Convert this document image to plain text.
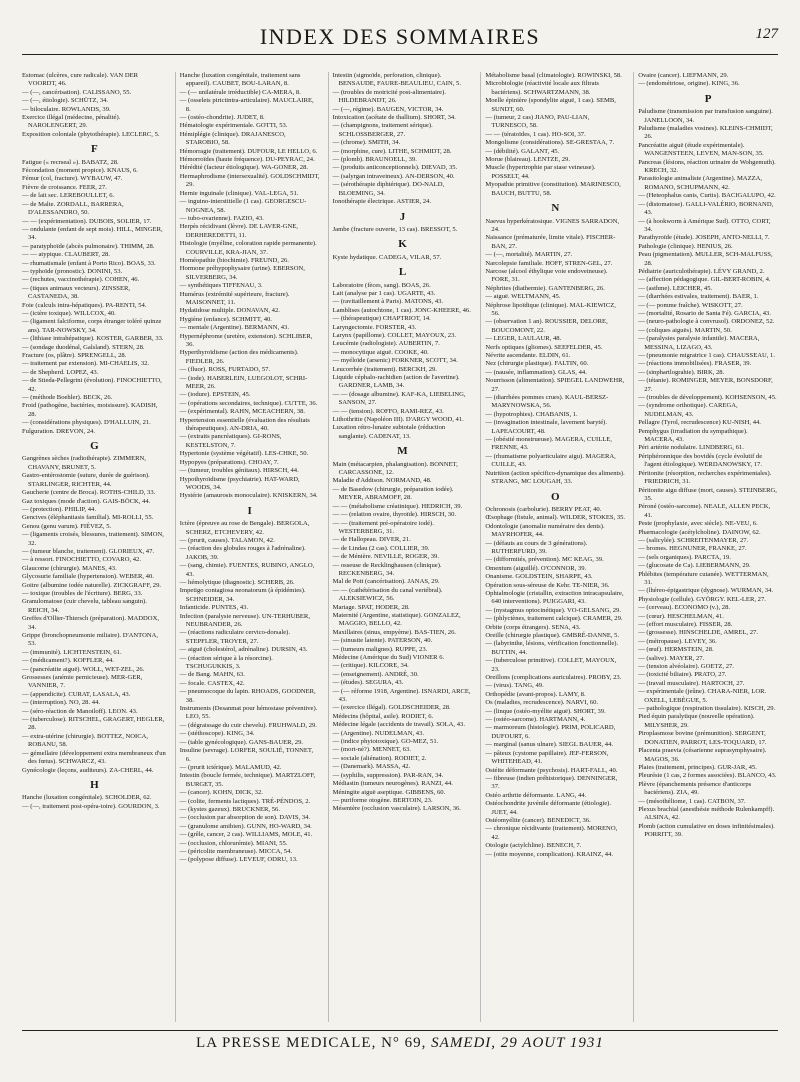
INDEX DES SOMMAIRES	127

Estomac (ulcères, cure radicale). VAN DER VOORDT, 46.

— (—, cancérisation). CALISSANO, 55.

— (—, étiologie). SCHÜTZ, 34.

— biloculaire. ROWLANDS, 39.

Exercice illégal (médecine, pénalité). NAROLENGERT, 29.

Exposition coloniale (phytothérapie). LECLERC, 5.

F

Fatigue (« recrseal »). BABATZ, 28.

Fécondation (moment propice). KNAUS, 6.

Fémur (col, fracture). WYBAUW, 47.

Fièvre de croissance. FEER, 27.

— de lait sec. LEREBOULLET, 6.

— de Malte. ZORDALL, BARRERA, D'ALESSANDRO, 50.

— — (expérimentation). DUBOIS, SOLIER, 17.

— ondulante (enfant de sept mois). HILL, MINGER, 34.

— paratyphoïde (abcès pulmonaire). THIMM, 28.

— — atypique. CLAUBERT, 28.

— rhumatismale (enfant à Porto Rico). BOAS, 33.

— typhoïde (pronostic). DONINI, 53.

— (rechutes, vaccinothérapie). COHEN, 46.

— (tiques animaux vecteurs). ZINSSER, CASTANEDA, 38.

Foie (calculs intra-hépatiques). PA-RENTI, 54.

— (ictère toxique). WILLCOX, 40.

— (ligament falciforme, corps étranger toléré quinze ans). TAR-NOWSKY, 34.

— (lithiase intrahépatique). KOSTER, GARBER, 33.

— (sondage duodénal, Galsland). STERN, 28.

Fracture (os, plâtre). SPRENGELL, 28.

— traitement par extension). MI-CHAELIS, 32.

— de Shepherd. LOPEZ, 43.

— de Stieda-Pellegrini (évolution). FINOCHIETTO, 42.

— (méthode Boehler). BECK, 26.

Froid (pathogène, bactéries, moisissure). KADISH, 28.

— (considérations physiques). D'HALLUIN, 21.

Fulguration. DREVON, 24.

G

Gangrènes sèches (radiothérapie). ZIMMERN, CHAVANY, BRUNET, 5.

Gastro-entérostomie (suture, durée de guérison). STARLINGER, RICHTER, 44.

Gaucherie (centre de Broca). ROTHS-CHILD, 33.

Gaz toxiques (mode d'action). GAIS-BÖCK, 44.

— (protection). PHILIP, 44.

Gencives (éléphantiasis familial). MI-ROLLI, 55.

Genou (genu varum). FIÉVEZ, 5.

— (ligaments croisés, blessures, traitement). SIMON, 32.

— (tumeur blanche, traitement). GLORIEUX, 47.

— à ressort. FINOCHIETTO, COVARO, 42.

Glaucome (chirurgie). MANES, 43.

Glycosurie familiale (hypertension). WEBER, 40.

Goitre (albumine iodée naturelle). ZICKGRAFF, 29.

— toxique (troubles de l'écriture). BERG, 33.

Granulomatose (cuir chevelu, tableau sanguin). REICH, 34.

Greffes d'Ollier-Thiersch (préparation). MADDOX, 34.

Grippe (bronchopneumonie miliaire). D'ANTONA, 53.

— (immunité). LICHTENSTEIN, 61.

— (médicament?). KOFFLER, 44.

— (pancréatite aiguë). WOLL, WET-ZEL, 26.

Grossesses (anémie pernicieuse). MER-GER, VANNIER, 7.

— (appendicite). CURAT, LASALA, 43.

— (interruption). NO, 28. 44.

— (séro-réaction de Manoiloff). LEON. 43.

— (tuberculose). RITSCHEL, GRAGERT, HEGLER, 28.

— extra-utérine (chirurgie). BOTTEZ, NOICA, ROBANU, 58.

— gémellaire (développement extra membraneux d'un des fœtus). SCHWARCZ, 43.

Gynécologie (leçons, auditeurs). ZA-CHERL, 44.

H

Hanche (luxation congénitale). SCHOLDER, 62.

— (—, traitement post-opéra-toire). GOURDON, 3.

Hanche (luxation congénitale, traitement sans appareil). CAUBET, BOU-LARAN, 8.

— (— unilatérale irréductible) CA-MERA, 8.

— (osselets pirictintra-articulaire). MAUCLAIRE, 8.

— (ostéo-chondrite). JUDET, 8.

Hématologie expérimentale. GOTTI, 53.

Hémiplégie (clinique). DRAJANESCO, STAROBIO, 58.

Hémorragie (traitement). DUFOUR, LE HELLO, 6.

Hémorroïdes (haute fréquence). DU-PEYRAC, 24.

Hérédité (facteur étiologique). WA-GONER, 28.

Hermaphrodisme (intersexualité). GOLDSCHMIDT, 29.

Hernie inguinale (clinique). VAL-LEGA, 51.

— inguino-interstitielle (1 cas). GEORGESCU-NOGNEA, 58.

— tubo-ovarienne). FAZIO, 43.

Herpès récidivant (lèvre). DE LAVER-GNE, DERHEREDETTI, 11.

Histologie (myéline, coloration rapide permanente). COURVILLE, KRA-JIAN, 37.

Homéopathie (biochimie). FREUND, 26.

Hormone préhypophysaire (urine). EBERSON, SILVERBERG, 34.

— synthétiques TIFFENAU, 3.

Humérus (extrémité supérieure, fracture). MAISONNET, 11.

Hydatidose multiple. DONAVAN, 42.

Hygiène (enfance). SCHMITT, 40.

— mentale (Argentine). BERMANN, 43.

Hypernéphrome (uretère, extension). SCHLIBER, 36.

Hyperthyroïdisme (action des médicaments). FIEDLER, 26.

— (fluor). ROSS, FURTADO, 57.

— (iode). HABERLEIN, LUEGOLOT, SCHRI-MEER, 26.

— (iodure). EPSTEIN, 45.

— (opérations secondaires, technique). CUTTE, 36.

— (expérimental). RAHN, MCEACHERN, 38.

Hypertension essentielle (évaluation des résultats thérapeutiques). AN-DRIA, 40.

— (extraits pancréatiques). GI-RONS, KESTELSTON, 7.

Hypertonie (système végétatif). LES-CHKE, 50.

Hypopyes (préparations). CHOAY, 7.

— (tumeur, troubles génitaux). HIRSCH, 44.

Hypothyroïdisme (psychiatrie). HAT-WARD, WOODS, 34.

Hystérie (amaurosis monoculaire). KNISKERN, 34.

I

Ictère (épreuve au rose de Bengale). BERGOLA, SCHERZ, ETCHEVERY, 42.

— (prurit, causes). TALAMON, 42.

— (réaction des globules rouges à l'adrénaline). JAKOB, 39.

— (sang, chimie). FUENTES, RUBINO, ANGLO, 43.

— hémolytique (diagnostic). SCHERB, 26.

Impetigo contagiosa neonatorum (à épidémies). SCHNEIDER, 34.

Infanticide. PUNTES, 43.

Infection (paralysie nerveuse). UN-TERHUBER, NEUBRANDER, 26.

— (réactions radiculaire cervico-dorsale). STEPFLER, TROYER, 27.

— aiguë (cholestérol, adrénaline). DURSIN, 43.

— (réaction sérique à la résorcine). TSCHUGUKKIS, 3.

— de Bang. MAHN, 63.

— focale. CASTEX, 42.

— pneumocoque du lapin. RHOADS, GOODNER, 38.

Instruments (Desanmat pour hémostase préventive). LEO, 55.

— (dégraissage du cuir chevelu). FRUHWALD, 29.

— (stéthoscope). KING, 34.

— (table gynécologique). GANS-BAUER, 29.

Insuline (sevrage). LORFER, SOULIÉ, TONNET, 6.

— (prurit ictérique). MALAMUD, 42.

Intestin (boucle fermée, technique). MARTZLOFF, BURGET, 35.

— (cancer). KOHN, DICK, 32.

— (colite, ferments lactiques). TRÉ-PÉNDOS, 2.

— (kystes gazeux). BRUCKNER, 56.

— (occlusion par absorption de son). DAVIS, 34.

— (granulome amibien). GUNN, HO-WARD, 34.

— (grêle, cancer, 2 cas). WILLIAMS, MOLE, 41.

— (occlusion, chlorurémie). MIANI, 55.

— (péricolite membraneuse). MICCA, 54.

— (polypose diffuse). LEVEUF, ODRU, 13.

Intestin (sigmoïde, perforation, clinique). BENSAUDE, FAURE-BEAULIEU, CAIN, 5.

— (troubles de motricité post-alimentaire). HILDEBRANDT, 26.

— (—, régime). BAUGEN, VICTOR, 34.

Intoxication (acétate de thallium). SHORT, 34.

— (champignons, traitement sérique). SCHLOSSBERGER, 27.

— (chrome). SMITH, 34.

— (morphine, cure). LITHE, SCHMIDT, 28.

— (plomb). BRAUNOELL, 39.

— (produits anticonceptionnels). DIEVAD, 35.

— (salyrgan intraveineux). AN-DERSON, 40.

— (sérothérapie diphtérique). DO-NALD, BLOEMING, 34.

Ionothérapie électrique. ASTIER, 24.

J

Jambe (fracture ouverte, 13 cas). BRESSOT, 5.

K

Kyste hydatique. CADEGA, VILAR, 57.

L

Laboratoire (fèces, sang). BOAS, 26.

Lait (analyse par 1 cas). UGARTE, 43.

— (ravitaillement à Paris). MATONS, 43.

Lamblises (autochtone, 1 cas). JONC-KHEERE, 46.

— (thérapeutique) CHAPTRIOT, 14.

Laryngectomie. FORSTER, 43.

Larynx (papillome). COLLET, MAYOUX, 23.

Leucémie (radiologiste). AUBERTIN, 7.

— monocytique aiguë. COOKE, 40.

— myéloïde (arsenic) FORKNER, SCOTT, 34.

Leucorrhée (traitement). BERCKH, 29.

Liquide céphalo-rachidien (action de l'avertine). GARDNER, LAMB, 34.

— — (dosage albumine). KAF-KA, LIEBELING, SANSON, 27.

— — (tension). ROFFO, RAMI-REZ, 43.

Lithothritie (Napoléon III). D'ARGY WOOD, 41.

Luxation rétro-lunaire subtotale (réduction sanglante). CADENAT, 13.

M

Main (métacarpien, phalangisation). BONNET, CARCASSONE, 12.

Maladie d'Addison. NORMAND, 48.

— de Basedow (chirurgie, préparation iodée). MEYER, ABRAMOFF, 28.

— — (métabolisme créatinique). HEDRICH, 39.

— — (relation ovaire, thyroïde). HIRSCH, 30.

— — (traitement pré-opératoire iodé). WESTERBERG, 31.

— de Hallopeau. DIVER, 21.

— de Lindau (2 cas). COLLIER, 39.

— de Ménière. NEVILLE, ROGER, 39.

— osseuse de Recklinghausen (clinique). RECKENBERG, 34.

Mal de Pott (cancérisation). JANAS, 29.

— — (cathétérisation du canal vertébral). ALEKSIEWICZ, 56.

Mariage. SPAT, HODER, 28.

Maternité (Argentine, statistique). GONZALEZ, MAGGIO, BELLO, 42.

Maxillaires (sinus, empyème). BAS-TIEN, 26.

— (sinusite latente). PATERSON, 40.

— (tumeurs malignes). RUPPE, 23.

Médecine (Amérique du Sud) VIONER 6.

— (critique). KILCORE, 34.

— (enseignement). ANDRÉ, 30.

— (études). SEGURA, 43.

— (— réforme 1918, Argentine). ISNARDI, ARCE, 43.

— (exercice illégal). GOLDSCHEIDER, 28.

Médecins (hôpital, asile). RODIET, 6.

Médecine légale (accidents de travail). SOLA, 43.

— (Argentine). NUDELMAN, 43.

— (indice phytotoxique). GO-MEZ, 51.

— (mort-né?). MENNET, 63.

— sociale (aliénation). RODIET, 2.

— (Danemark). MASSA, 42.

— (syphilis, suppression). PAR-RAN, 34.

Médiastin (tumeurs neurogènes). RANZI, 44.

Méningite aiguë aseptique. GIBBENS, 60.

— puriforme otogène. BERTOIN, 23.

Mésentère (occlusion vasculaire). LARSON, 36.

Métabolisme basal (climatologie). ROWINSKI, 58.

Microbiologie (réactivité locale aux filtrats bactériens). SCHWARTZMANN, 38.

Moelle épinière (spondylite aiguë, 1 cas). SEMB, SUNDT, 60.

— (tumeur, 2 cas) JIANO, PAU-LIAN, TURNESCO, 58.

— — (tératoïdes, 1 cas). HO-SOI, 37.

Mongolisme (considérations). SE-GRESTAA, 7.

— (débilité). GALANT, 45.

Morue (blaireau). LENTZE, 29.

Muscle (hypertrophie par stase veineuse). POSSELT, 44.

Myopathie primitive (constitution). MARINESCO, BAUCH, BUTTU, 58.

N

Naevus hyperkératosique. VIGNES SARRADON, 24.

Naissance (prématurée, limite vitale). FISCHER-BAN, 27.

— (—, mortalité). MARTIN, 27.

Narcolepsie familiale. HOFF, STREN-GEL, 27.

Narcose (alcool éthylique voie endoveineuse). FORE, 31.

Néphrites (diathermie). GANTENBERG, 26.

— aiguë. WELTMANN, 45.

Néphrose lipoïdique (clinique). MAL-KIEWICZ, 56.

— (observation 1 an). ROUSSIER, DELORE, BOUCOMONT, 22.

— LEGER, LAULAUR, 48.

Nerfs optiques (gliomes). SEEFELDER, 45.

Névrite ascendante. ELDIN, 61.

Nez (chirurgie plastique). FALTIN, 60.

— (nausée, inflammation). GLAS, 44.

Nourrisson (alimentation). SPIEGEL LANDWEHR, 27.

— (diarrhées pommes crues). KAUL-BERSZ-MARYNOWSKA, 56.

— (hypotrophies). CHABANIS, 1.

— (invagination intestinale, lavement baryté). LAPEACOURT, 48.

— (obésité monstrueuse). MAGERA, CUILLE, FRENNE, 43.

— (rhumatisme polyarticulaire aigu). MAGERA, CUILLE, 43.

Nutrition (action spécifico-dynamique des aliments). STRANG, MC LOUGAH, 33.

O

Ochronosis (carbolurie). BERRY PEAT, 40.

Œsophage (fistule, animal). WILDER, STOKES, 35.

Odontologie (anomalie numéraire des dents). MAYRHOFER, 44.

— (défauts au cours de 3 générations). RUTHERFURD, 39.

— (difformités, prévention). MC KEAG, 39.

Omentum (aiguillé). O'CONNOR, 39.

Onanisme. GOLDSTEIN, SHARPE, 43.

Opération sous-séreuse de Kehr. TE-NIER, 36.

Ophtalmologie (cristallin, extraction intracapsulaire, 640 interventions). PUIGGARI, 43.

— (nystagmus optocinétique). VO-GELSANG, 29.

— (phlyctènes, traitement calcique). CRAMER, 29.

Orbite (corps étrangers). SENA, 43.

Oreille (chirurgie plastique). GMBRÉ-DANNE, 5.

— (labyrinthe, lésions, vérification fonctionnelle). BUTTIN, 44.

— (tuberculose primitive). COLLET, MAYOUX, 23.

Oreillons (complications auriculaires). PROBY, 23.

— (virus). TANG, 49.

Orthopédie (avant-propos). LAMY, 8.

Os (maladies, recrudescence). NARVI, 60.

— (linque (ostéo-myélite aiguë). SHORT, 39.

— (ostéo-sarcome). HARTMANN, 4.

— marmoreum (histologie). PRIM, POLICARD, DUFOURT, 6.

— marginal (sanus ulnare). SIEGL BAUER, 44.

— pâteux (cystome papillaire). JEF-FERSON, WHITEHEAD, 41.

Ostéite déformante (psychosis). HART-FALL, 40.

— fibreuse (indien préhistorique). DENNINGER, 37.

Ostéo arthrite déformante. LANG, 44.

Ostéochondrite juvénile déformante (étiologie). JUET, 44.

Ostéomyélite (cancer). BENEDICT, 36.

— chronique récidivante (traitement). MORENO, 42.

Otologie (actylchline). BENECH, 7.

— (otite moyenne, complication). KRAINZ, 44.

Ovaire (cancer). LIEFMANN, 29.

— (endométriose, origine). KING, 36.

P

Paludisme (transmission par transfusion sanguine). JANELLOON, 34.

Paludisme (maladies vosines). KLEINS-CHMIDT, 26.

Pancréatite aiguë (étude expérimentale). WANGENSTEEN, LEVEN, MAN-SON, 35.

Pancreas (lésions, réaction urinaire de Wohgemuth). KRECH, 32.

Parasitologie animaliste (Argentine). MAZZA, ROMANO, SCHUPMANN, 42.

— (Heteophalus canis, Curtis). BACIGALUPO, 42.

— (distomatose). GALLI-VALÉRIO, BORNAND, 43.

— (à hookworm à Amérique Sud). OTTO, CORT, 34.

Parathyroïde (étude). JOSEPH, ANTO-NELLI, 7.

Pathologie (clinique). HENIUS, 26.

Peau (pigmentation). MULLER, SCH-MALFUSS, 28.

Pédiatrie (auriculothérapie). LÉVY GRAND, 2.

— (affection pédagogique. GIL-BERT-ROBIN, 4.

— (asthme). LEICHER, 45.

— (diarrhées estivales, traitement). BAER, 1.

— (— pomme fraîche). WISKOTT, 27.

— (mortalité, Rosario de Santa Fé). GARCIA, 43.

— (neuro-pathologie à convrusol). ORDONEZ, 52.

— (coliques aiguës). MARTIN, 50.

— (paralysies paralysie infantile). MACERA, MESSINA, LIZAGO, 43.

— (pneumonie migratrice 1 cas). CHAUSSEAU, 1.

— (réactions immobilisées). FRASER, 39.

— (sinphartlograhie). BIRK, 28.

— (tétanie). ROMINGER, MEYER, BONSDORF, 27.

— (troubles de développement). KOHSENSON, 45.

— (syndrome orthotique). CAREGA, NUDELMAN, 43.

Pellagre (Tyrol, recrudescence) KU-NISH, 44.

Pemphygus (irradiation du sympathique). MACERA, 43.

Péri artérite nodulaire. LINDBERG, 61.

Périphéronnique des bovidés (cycle évolutif de l'agent étiologique). WERDANOWSKY, 17.

Péritonite (résorption, recherches expérimentales). FRIEDRICH, 31.

Péritonite aigu diffuse (mort, causes). STEINBERG, 35.

Péroné (ostéo-sarcome). NEALE, ALLEN PECK, 41.

Peste (prophylaxie, avec siècle). NE-VEU, 6.

Pharmacologie (acétylcholine). DAINOW, 62.

— (salicylée). SCHREITENMAYER, 27.

— bromes. HEGNUNER, FRANKE, 27.

— (sels organiques). PARCTA, 19.

— (glucosate de Ca). LIEBERMANN, 29.

Phlébites (température cutanée). WETTERMAN, 31.

— (lhéreo-épigastrique (dygnose). WURMAN, 34.

Physiologie (cellule). GYÖRGY. KEL-LER, 27.

— (cerveau). ECONOMO (v.), 28.

— (cœur). HESCHELMAN, 41.

— (effort musculaire). FISSER, 28.

— (grossesse). HINSCHELDE, AMREL, 27.

— (métropause). LEVEY, 36.

— (œuf). HERMSTEIN, 28.

— (salive). MAYER, 27.

— (tension alvéolaire). GOETZ, 27.

— (toxicité biliaire). PRATO, 27.

— (travail musculaire). HARTOCH, 27.

— expérimentale (jeûne). CHARA-NIER, LOR. OXELL, LEBÈGUE, 5.

— pathologique (respiration tissulaire). KISCH, 29.

Pied équin paralytique (nouvelle opération). MILYSHER, 29.

Piroplasmose bovine (prémunition). SERGENT, DONATIEN, PARROT, LES-TOQUARD, 17.

Placenta praevia (césarienne suprasymphysaire). MAGOS, 36.

Plaies (traitement, principes). GUR-JAR, 45.

Pleurésie (1 cas, 2 formes associées). BLANCO, 43.

Plèvre (épanchements présence d'anticorps bactériens). ZIA, 49.

— (mésothéliome, 1 cas). CATBON, 37.

Plexus brachial (anesthésie méthode Rulenkampff). ALSINA, 42.

Plomb (action cumulative en doses infinitésimales). PORRITT, 39.

LA PRESSE MEDICALE, N° 69, SAMEDI, 29 AOUT 1931
